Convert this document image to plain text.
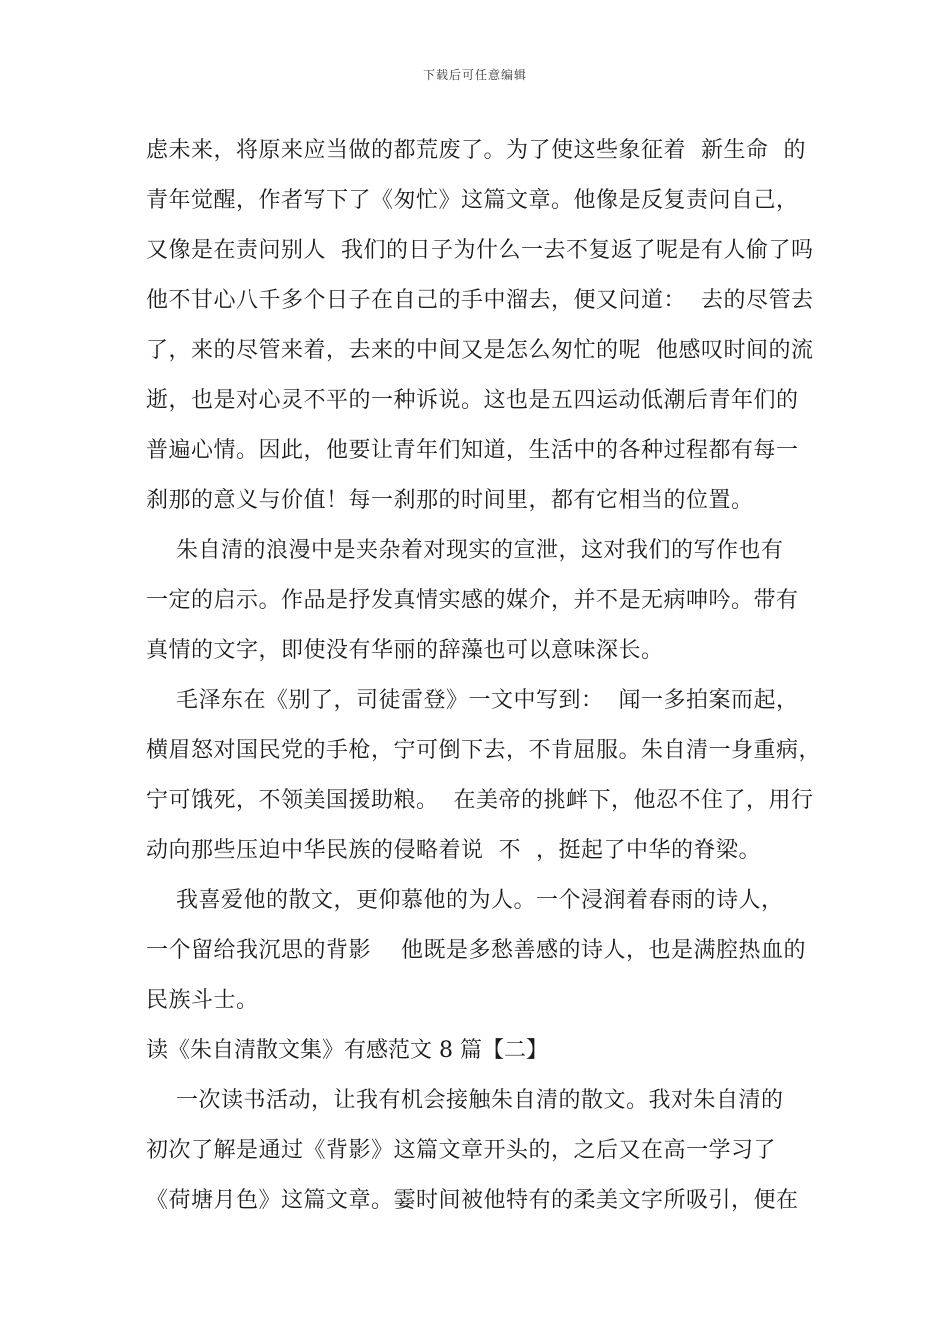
下载后可任意编辑
虑未来，将原来应当做的都荒废了。为了使这些象征着  新生命  的
青年觉醒，作者写下了《匆忙》这篇文章。他像是反复责问自己，
又像是在责问别人  我们的日子为什么一去不复返了呢是有人偷了吗
他不甘心八千多个日子在自己的手中溜去，便又问道：  去的尽管去
了，来的尽管来着，去来的中间又是怎么匆忙的呢  他感叹时间的流
逝，也是对心灵不平的一种诉说。这也是五四运动低潮后青年们的
普遍心情。因此，他要让青年们知道，生活中的各种过程都有每一
刹那的意义与价值！每一刹那的时间里，都有它相当的位置。
朱自清的浪漫中是夹杂着对现实的宣泄，这对我们的写作也有
一定的启示。作品是抒发真情实感的媒介，并不是无病呻吟。带有
真情的文字，即使没有华丽的辞藻也可以意味深长。
毛泽东在《别了，司徒雷登》一文中写到：  闻一多拍案而起，
横眉怒对国民党的手枪，宁可倒下去，不肯屈服。朱自清一身重病，
宁可饿死，不领美国援助粮。  在美帝的挑衅下，他忍不住了，用行
动向那些压迫中华民族的侵略着说  不  ，挺起了中华的脊梁。
我喜爱他的散文，更仰慕他的为人。一个浸润着春雨的诗人，
一个留给我沉思的背影    他既是多愁善感的诗人，也是满腔热血的
民族斗士。
读《朱自清散文集》有感范文 8 篇【二】
一次读书活动，让我有机会接触朱自清的散文。我对朱自清的
初次了解是通过《背影》这篇文章开头的，之后又在高一学习了
《荷塘月色》这篇文章。霎时间被他特有的柔美文字所吸引，便在
